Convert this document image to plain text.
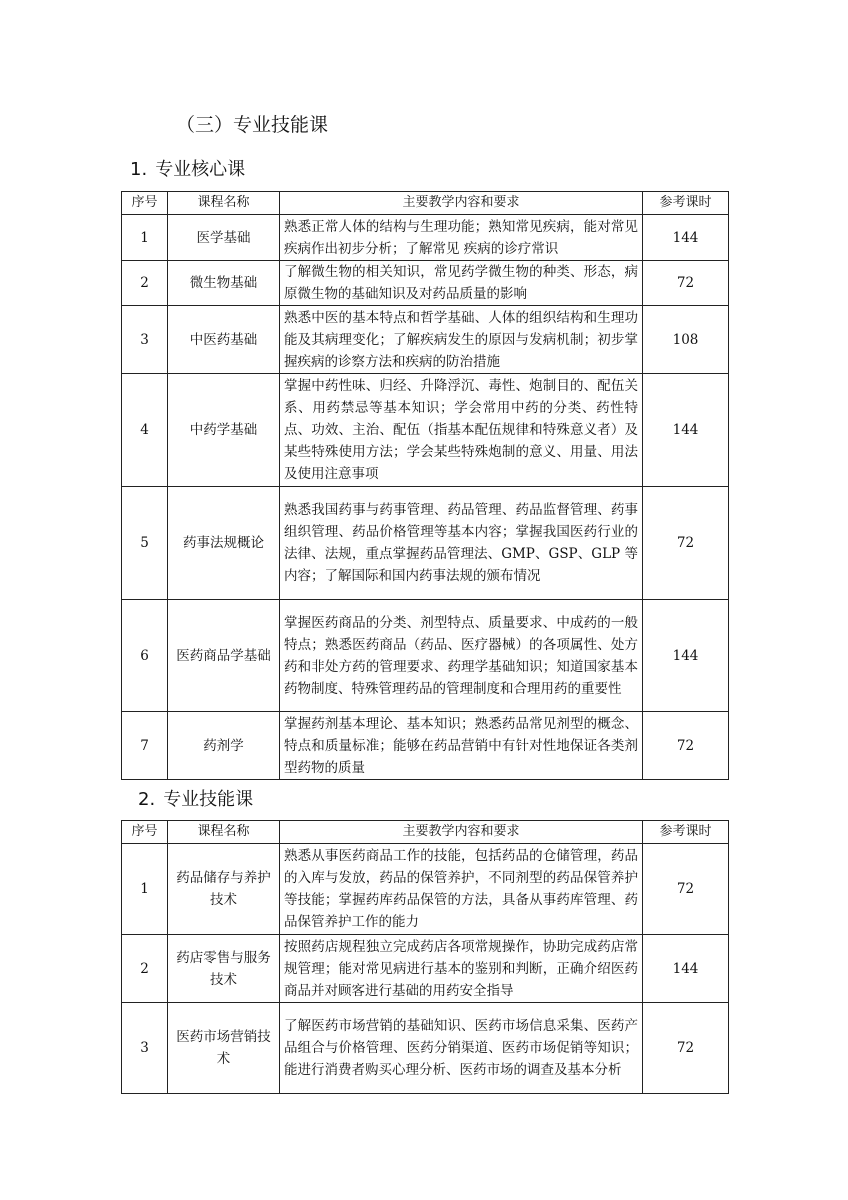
（三）专业技能课
1. 专业核心课
序号	课程名称	主要教学内容和要求	参考课时
1	医学基础	熟悉正常人体的结构与生理功能；熟知常见疾病，能对常见疾病作出初步分析；了解常见 疾病的诊疗常识	144
2	微生物基础	了解微生物的相关知识，常见药学微生物的种类、形态，病原微生物的基础知识及对药品质量的影响	72
3	中医药基础	熟悉中医的基本特点和哲学基础、人体的组织结构和生理功能及其病理变化；了解疾病发生的原因与发病机制；初步掌握疾病的诊察方法和疾病的防治措施	108
4	中药学基础	掌握中药性味、归经、升降浮沉、毒性、炮制目的、配伍关系、用药禁忌等基本知识；学会常用中药的分类、药性特点、功效、主治、配伍（指基本配伍规律和特殊意义者）及某些特殊使用方法；学会某些特殊炮制的意义、用量、用法及使用注意事项	144
5	药事法规概论	熟悉我国药事与药事管理、药品管理、药品监督管理、药事组织管理、药品价格管理等基本内容；掌握我国医药行业的法律、法规，重点掌握药品管理法、GMP、GSP、GLP 等内容；了解国际和国内药事法规的颁布情况	72
6	医药商品学基础	掌握医药商品的分类、剂型特点、质量要求、中成药的一般特点；熟悉医药商品（药品、医疗器械）的各项属性、处方药和非处方药的管理要求、药理学基础知识；知道国家基本药物制度、特殊管理药品的管理制度和合理用药的重要性	144
7	药剂学	掌握药剂基本理论、基本知识；熟悉药品常见剂型的概念、特点和质量标准；能够在药品营销中有针对性地保证各类剂型药物的质量	72
2. 专业技能课
序号	课程名称	主要教学内容和要求	参考课时
1	药品储存与养护技术	熟悉从事医药商品工作的技能，包括药品的仓储管理，药品的入库与发放，药品的保管养护，不同剂型的药品保管养护等技能；掌握药库药品保管的方法，具备从事药库管理、药品保管养护工作的能力	72
2	药店零售与服务技术	按照药店规程独立完成药店各项常规操作，协助完成药店常规管理；能对常见病进行基本的鉴别和判断，正确介绍医药商品并对顾客进行基础的用药安全指导	144
3	医药市场营销技术	了解医药市场营销的基础知识、医药市场信息采集、医药产品组合与价格管理、医药分销渠道、医药市场促销等知识；能进行消费者购买心理分析、医药市场的调查及基本分析	72
